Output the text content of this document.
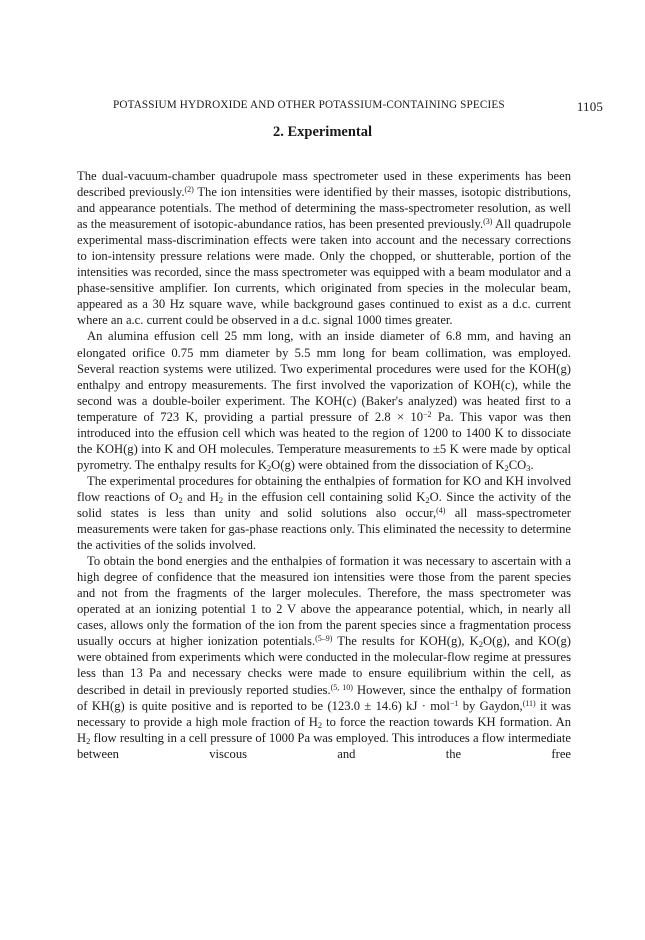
POTASSIUM HYDROXIDE AND OTHER POTASSIUM-CONTAINING SPECIES	1105
2. Experimental

The dual-vacuum-chamber quadrupole mass spectrometer used in these experiments has been described previously.$^{(2)}$ The ion intensities were identified by their masses, isotopic distributions, and appearance potentials. The method of determining the mass-spectrometer resolution, as well as the measurement of isotopic-abundance ratios, has been presented previously.$^{(3)}$ All quadrupole experimental mass-discrimination effects were taken into account and the necessary corrections to ion-intensity pressure relations were made. Only the chopped, or shutterable, portion of the intensities was recorded, since the mass spectrometer was equipped with a beam modulator and a phase-sensitive amplifier. Ion currents, which originated from species in the molecular beam, appeared as a 30 Hz square wave, while background gases continued to exist as a d.c. current where an a.c. current could be observed in a d.c. signal 1000 times greater.

An alumina effusion cell 25 mm long, with an inside diameter of 6.8 mm, and having an elongated orifice 0.75 mm diameter by 5.5 mm long for beam collimation, was employed. Several reaction systems were utilized. Two experimental procedures were used for the KOH(g) enthalpy and entropy measurements. The first involved the vaporization of KOH(c), while the second was a double-boiler experiment. The KOH(c) (Baker's analyzed) was heated first to a temperature of 723 K, providing a partial pressure of $2.8 \times 10^{-2}$ Pa. This vapor was then introduced into the effusion cell which was heated to the region of 1200 to 1400 K to dissociate the KOH(g) into K and OH molecules. Temperature measurements to ±5 K were made by optical pyrometry. The enthalpy results for $K_2O(g)$ were obtained from the dissociation of $K_2CO_3$.

The experimental procedures for obtaining the enthalpies of formation for KO and KH involved flow reactions of $O_2$ and $H_2$ in the effusion cell containing solid $K_2O$. Since the activity of the solid states is less than unity and solid solutions also occur,$^{(4)}$ all mass-spectrometer measurements were taken for gas-phase reactions only. This eliminated the necessity to determine the activities of the solids involved.

To obtain the bond energies and the enthalpies of formation it was necessary to ascertain with a high degree of confidence that the measured ion intensities were those from the parent species and not from the fragments of the larger molecules. Therefore, the mass spectrometer was operated at an ionizing potential 1 to 2 V above the appearance potential, which, in nearly all cases, allows only the formation of the ion from the parent species since a fragmentation process usually occurs at higher ionization potentials.$^{(5-9)}$ The results for KOH(g), $K_2O(g)$, and KO(g) were obtained from experiments which were conducted in the molecular-flow regime at pressures less than 13 Pa and necessary checks were made to ensure equilibrium within the cell, as described in detail in previously reported studies.$^{(5, 10)}$ However, since the enthalpy of formation of KH(g) is quite positive and is reported to be (123.0 ± 14.6) kJ · mol$^{-1}$ by Gaydon,$^{(11)}$ it was necessary to provide a high mole fraction of $H_2$ to force the reaction towards KH formation. An $H_2$ flow resulting in a cell pressure of 1000 Pa was employed. This introduces a flow intermediate between viscous and the free
